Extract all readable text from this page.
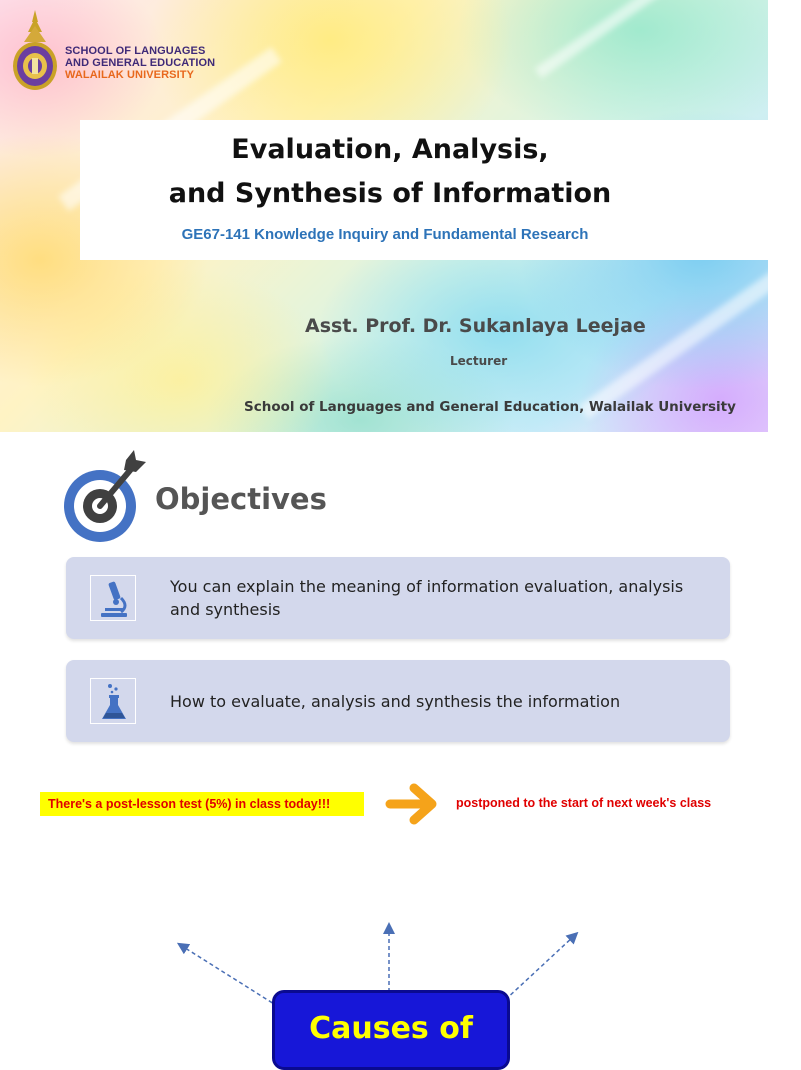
SCHOOL OF LANGUAGES
AND GENERAL EDUCATION
WALAILAK UNIVERSITY
Evaluation, Analysis,
and Synthesis of Information
GE67-141 Knowledge Inquiry and Fundamental Research
Asst. Prof. Dr. Sukanlaya Leejae
Lecturer
School of Languages and General Education, Walailak University
Objectives
You can explain the meaning of information evaluation, analysis and synthesis
How to evaluate, analysis and synthesis the information
There's a post-lesson test (5%) in class today!!!	postponed to the start of next week's class
Causes of
